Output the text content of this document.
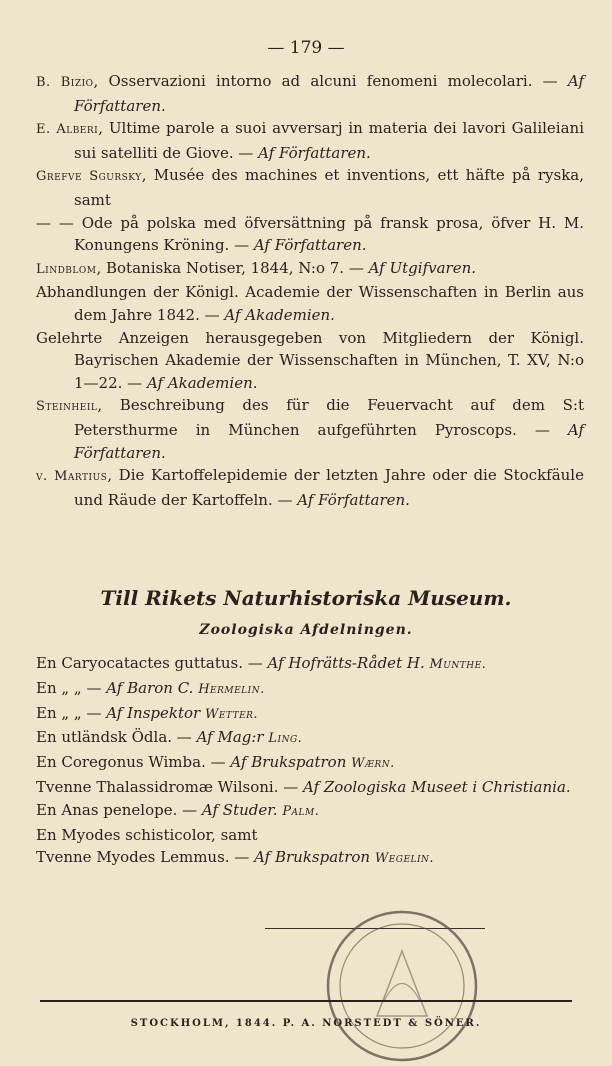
— 179 —
B. Bizio, Osservazioni intorno ad alcuni fenomeni molecolari. — Af Författaren.
E. Alberi, Ultime parole a suoi avversarj in materia dei lavori Galileiani sui satelliti de Giove. — Af Författaren.
Grefve Sgursky, Musée des machines et inventions, ett häfte på ryska, samt
— — Ode på polska med öfversättning på fransk prosa, öfver H. M. Konungens Kröning. — Af Författaren.
Lindblom, Botaniska Notiser, 1844, N:o 7. — Af Utgifvaren.
Abhandlungen der Königl. Academie der Wissenschaften in Berlin aus dem Jahre 1842. — Af Akademien.
Gelehrte Anzeigen herausgegeben von Mitgliedern der Königl. Bayrischen Akademie der Wissenschaften in München, T. XV, N:o 1—22. — Af Akademien.
Steinheil, Beschreibung des für die Feuervacht auf dem S:t Petersthurme in München aufgeführten Pyroscops. — Af Författaren.
v. Martius, Die Kartoffelepidemie der letzten Jahre oder die Stockfäule und Räude der Kartoffeln. — Af Författaren.
Till Rikets Naturhistoriska Museum.
Zoologiska Afdelningen.
En Caryocatactes guttatus. — Af Hofrätts-Rådet H. Munthe.
En „ „ — Af Baron C. Hermelin.
En „ „ — Af Inspektor Wetter.
En utländsk Ödla. — Af Mag:r Ling.
En Coregonus Wimba. — Af Brukspatron Wærn.
Tvenne Thalassidromæ Wilsoni. — Af Zoologiska Museet i Christiania.
En Anas penelope. — Af Studer. Palm.
En Myodes schisticolor, samt
Tvenne Myodes Lemmus. — Af Brukspatron Wegelin.
STOCKHOLM, 1844. P. A. NORSTEDT & SÖNER.
